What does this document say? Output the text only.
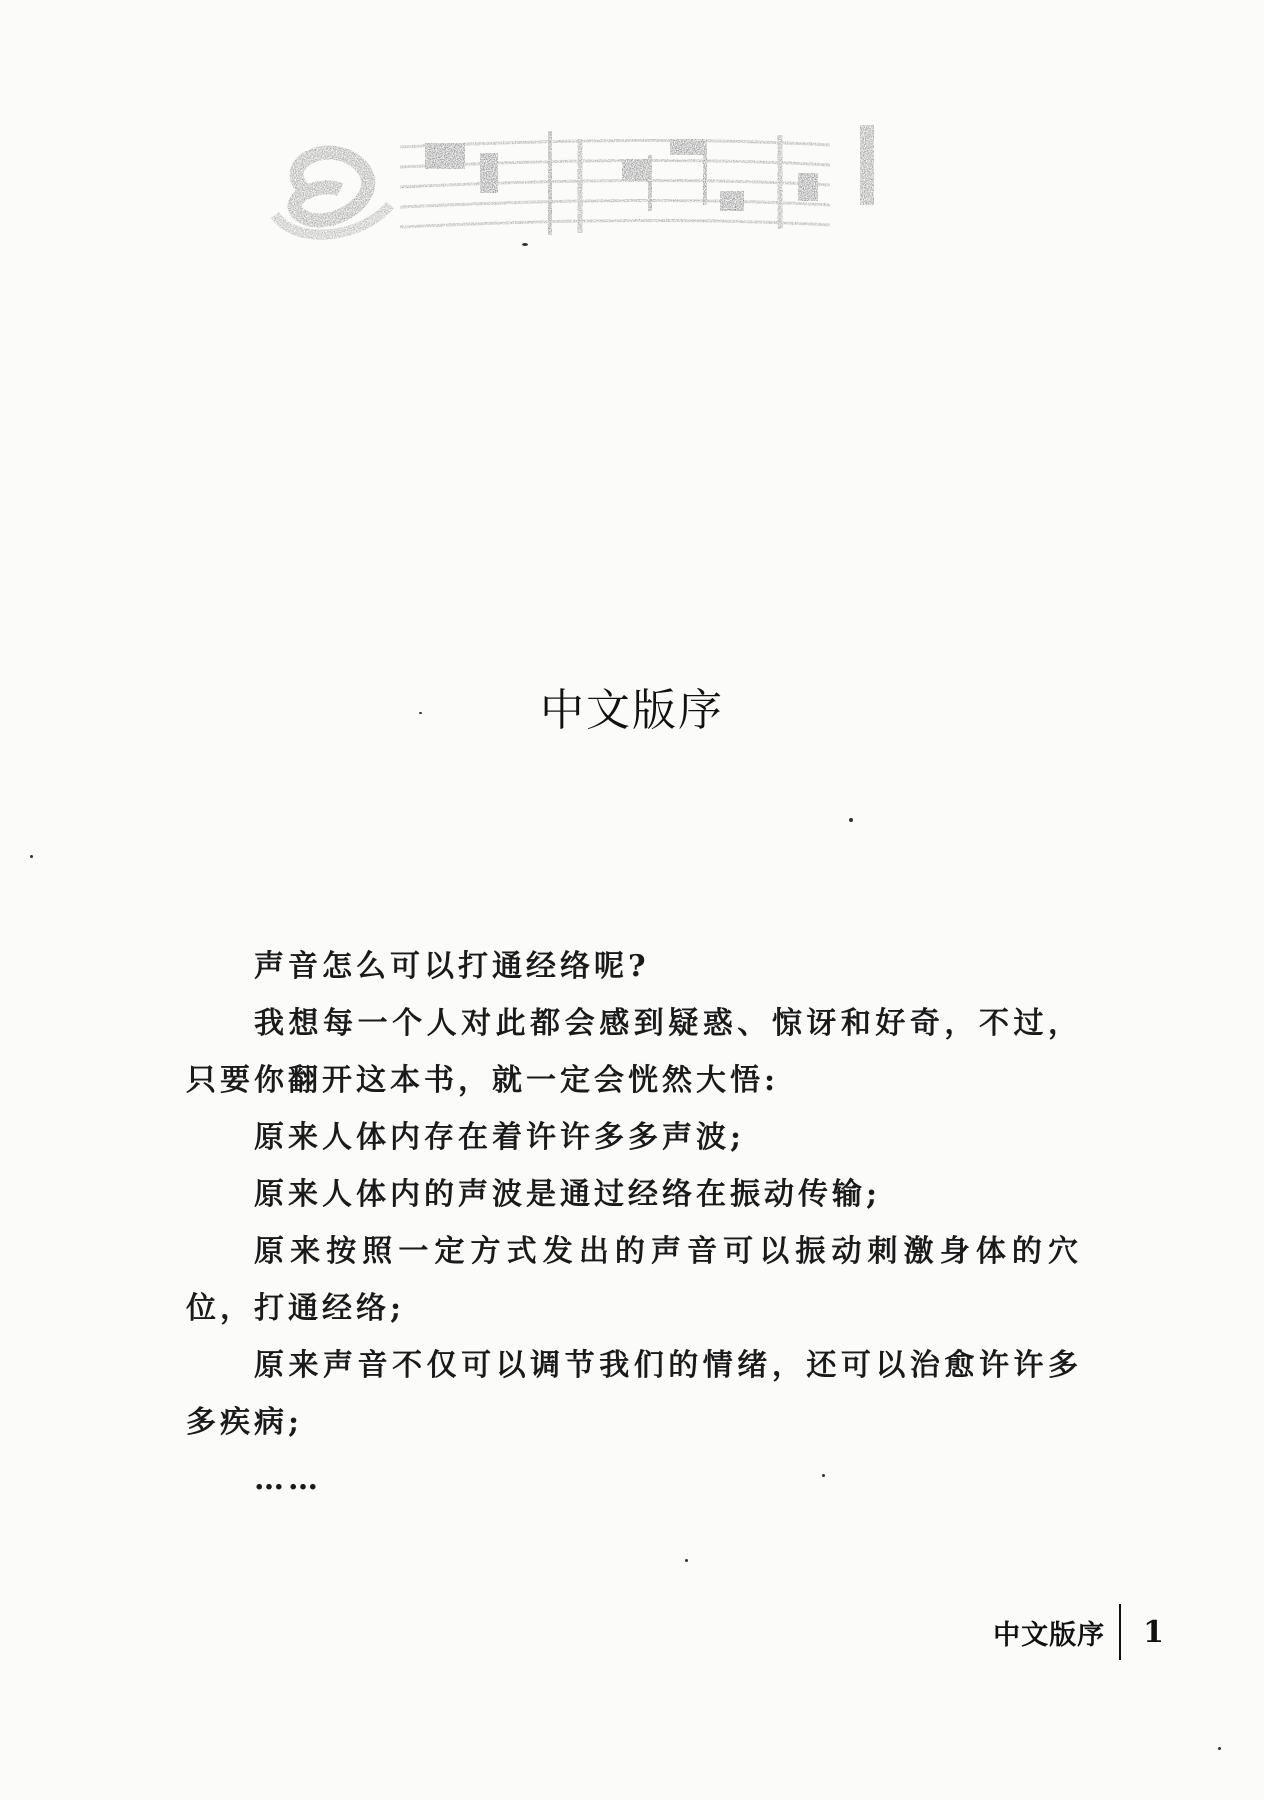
中文版序

声音怎么可以打通经络呢?

我想每一个人对此都会感到疑惑、惊讶和好奇，不过，只要你翻开这本书，就一定会恍然大悟:

原来人体内存在着许许多多声波;

原来人体内的声波是通过经络在振动传输;

原来按照一定方式发出的声音可以振动刺激身体的穴位，打通经络;

原来声音不仅可以调节我们的情绪，还可以治愈许许多多疾病;

……

中文版序	1
